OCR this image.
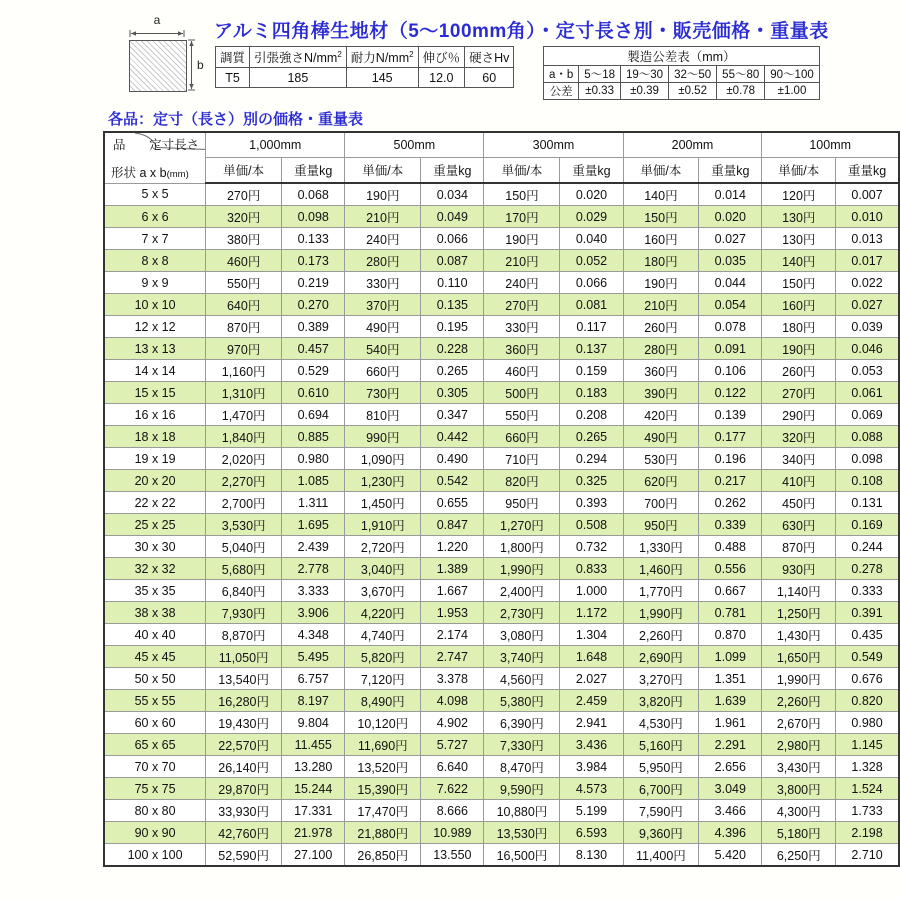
a
b
アルミ四角棒生地材（5〜100mm角）・定寸長さ別・販売価格・重量表
調質	引張強さ$N/mm^2$	耐力$N/mm^2$	伸び％	硬さHv
T5	185	145	12.0	60
製造公差表（mm）					
a・b	5〜18	19〜30	32〜50	55〜80	90〜100
公差	±0.33	±0.39	±0.52	±0.78	±1.00
各品：定寸（長さ）別の価格・重量表
品 定寸長さ
形状 a x b(mm)	1,000mm		500mm		300mm		200mm		100mm	
	単価/本	重量kg	単価/本	重量kg	単価/本	重量kg	単価/本	重量kg	単価/本	重量kg
5 x 5	270円	0.068	190円	0.034	150円	0.020	140円	0.014	120円	0.007
6 x 6	320円	0.098	210円	0.049	170円	0.029	150円	0.020	130円	0.010
7 x 7	380円	0.133	240円	0.066	190円	0.040	160円	0.027	130円	0.013
8 x 8	460円	0.173	280円	0.087	210円	0.052	180円	0.035	140円	0.017
9 x 9	550円	0.219	330円	0.110	240円	0.066	190円	0.044	150円	0.022
10 x 10	640円	0.270	370円	0.135	270円	0.081	210円	0.054	160円	0.027
12 x 12	870円	0.389	490円	0.195	330円	0.117	260円	0.078	180円	0.039
13 x 13	970円	0.457	540円	0.228	360円	0.137	280円	0.091	190円	0.046
14 x 14	1,160円	0.529	660円	0.265	460円	0.159	360円	0.106	260円	0.053
15 x 15	1,310円	0.610	730円	0.305	500円	0.183	390円	0.122	270円	0.061
16 x 16	1,470円	0.694	810円	0.347	550円	0.208	420円	0.139	290円	0.069
18 x 18	1,840円	0.885	990円	0.442	660円	0.265	490円	0.177	320円	0.088
19 x 19	2,020円	0.980	1,090円	0.490	710円	0.294	530円	0.196	340円	0.098
20 x 20	2,270円	1.085	1,230円	0.542	820円	0.325	620円	0.217	410円	0.108
22 x 22	2,700円	1.311	1,450円	0.655	950円	0.393	700円	0.262	450円	0.131
25 x 25	3,530円	1.695	1,910円	0.847	1,270円	0.508	950円	0.339	630円	0.169
30 x 30	5,040円	2.439	2,720円	1.220	1,800円	0.732	1,330円	0.488	870円	0.244
32 x 32	5,680円	2.778	3,040円	1.389	1,990円	0.833	1,460円	0.556	930円	0.278
35 x 35	6,840円	3.333	3,670円	1.667	2,400円	1.000	1,770円	0.667	1,140円	0.333
38 x 38	7,930円	3.906	4,220円	1.953	2,730円	1.172	1,990円	0.781	1,250円	0.391
40 x 40	8,870円	4.348	4,740円	2.174	3,080円	1.304	2,260円	0.870	1,430円	0.435
45 x 45	11,050円	5.495	5,820円	2.747	3,740円	1.648	2,690円	1.099	1,650円	0.549
50 x 50	13,540円	6.757	7,120円	3.378	4,560円	2.027	3,270円	1.351	1,990円	0.676
55 x 55	16,280円	8.197	8,490円	4.098	5,380円	2.459	3,820円	1.639	2,260円	0.820
60 x 60	19,430円	9.804	10,120円	4.902	6,390円	2.941	4,530円	1.961	2,670円	0.980
65 x 65	22,570円	11.455	11,690円	5.727	7,330円	3.436	5,160円	2.291	2,980円	1.145
70 x 70	26,140円	13.280	13,520円	6.640	8,470円	3.984	5,950円	2.656	3,430円	1.328
75 x 75	29,870円	15.244	15,390円	7.622	9,590円	4.573	6,700円	3.049	3,800円	1.524
80 x 80	33,930円	17.331	17,470円	8.666	10,880円	5.199	7,590円	3.466	4,300円	1.733
90 x 90	42,760円	21.978	21,880円	10.989	13,530円	6.593	9,360円	4.396	5,180円	2.198
100 x 100	52,590円	27.100	26,850円	13.550	16,500円	8.130	11,400円	5.420	6,250円	2.710
